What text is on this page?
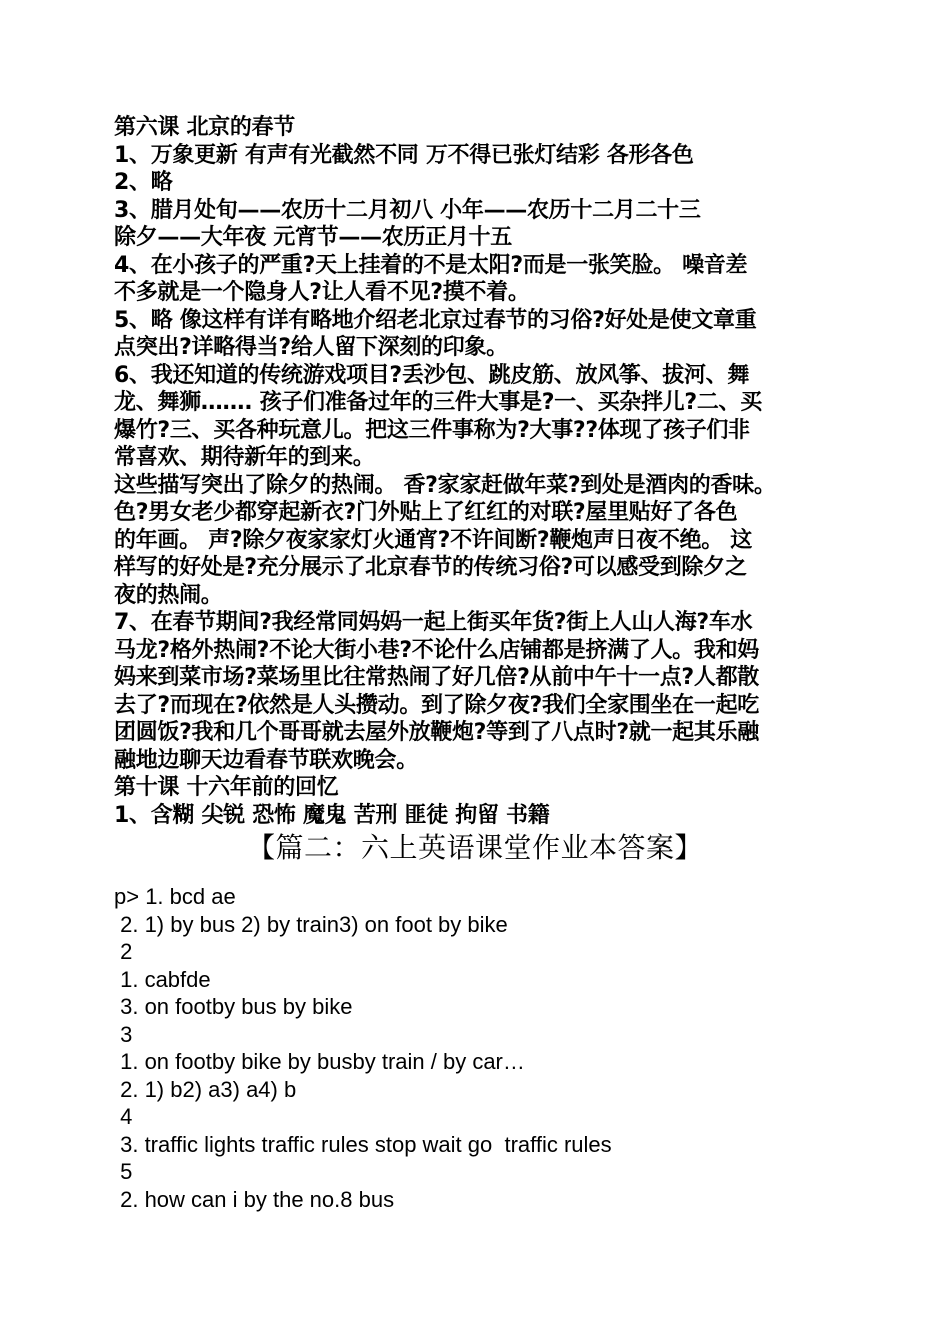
第六课 北京的春节
1、万象更新 有声有光截然不同 万不得已张灯结彩 各形各色
2、略
3、腊月处旬——农历十二月初八 小年——农历十二月二十三
除夕——大年夜 元宵节——农历正月十五
4、在小孩子的严重?天上挂着的不是太阳?而是一张笑脸。 噪音差
不多就是一个隐身人?让人看不见?摸不着。
5、略 像这样有详有略地介绍老北京过春节的习俗?好处是使文章重
点突出?详略得当?给人留下深刻的印象。
6、我还知道的传统游戏项目?丢沙包、跳皮筋、放风筝、拔河、舞
龙、舞狮……. 孩子们准备过年的三件大事是?一、买杂拌儿?二、买
爆竹?三、买各种玩意儿。把这三件事称为?大事??体现了孩子们非
常喜欢、期待新年的到来。
这些描写突出了除夕的热闹。 香?家家赶做年菜?到处是酒肉的香味。
色?男女老少都穿起新衣?门外贴上了红红的对联?屋里贴好了各色
的年画。 声?除夕夜家家灯火通宵?不许间断?鞭炮声日夜不绝。 这
样写的好处是?充分展示了北京春节的传统习俗?可以感受到除夕之
夜的热闹。
7、在春节期间?我经常同妈妈一起上街买年货?街上人山人海?车水
马龙?格外热闹?不论大街小巷?不论什么店铺都是挤满了人。我和妈
妈来到菜市场?菜场里比往常热闹了好几倍?从前中午十一点?人都散
去了?而现在?依然是人头攒动。到了除夕夜?我们全家围坐在一起吃
团圆饭?我和几个哥哥就去屋外放鞭炮?等到了八点时?就一起其乐融
融地边聊天边看春节联欢晚会。
第十课 十六年前的回忆
1、含糊 尖锐 恐怖 魔鬼 苦刑 匪徒 拘留 书籍
【篇二：六上英语课堂作业本答案】
p> 1. bcd ae
2. 1) by bus 2) by train3) on foot by bike
2
1. cabfde
3. on footby bus by bike
3
1. on footby bike by busby train / by car…
2. 1) b2) a3) a4) b
4
3. traffic lights traffic rules stop wait go  traffic rules
5
2. how can i by the no.8 bus
